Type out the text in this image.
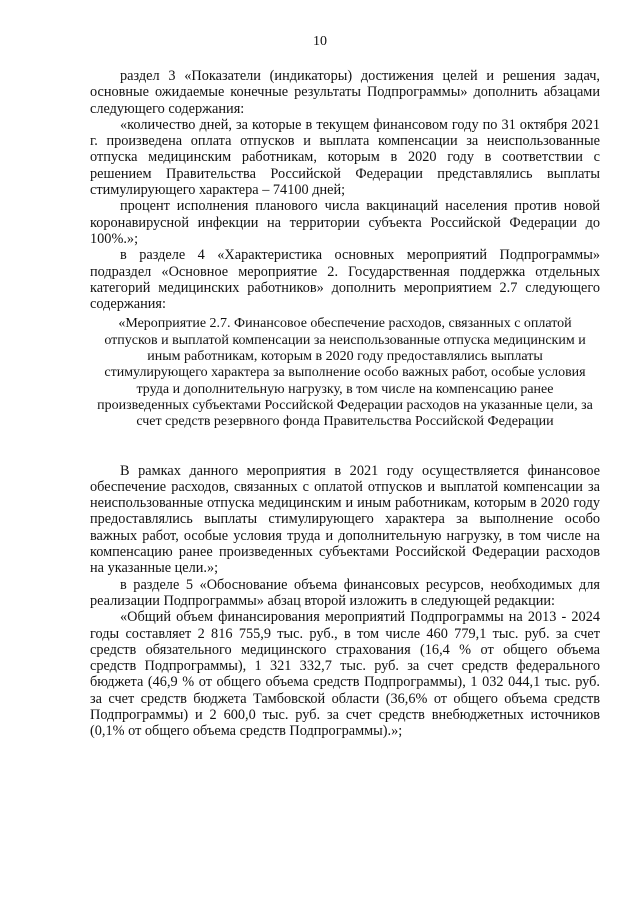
10

раздел 3 «Показатели (индикаторы) достижения целей и решения задач, основные ожидаемые конечные результаты Подпрограммы» дополнить абзацами следующего содержания:

«количество дней, за которые в текущем финансовом году по 31 октября 2021 г. произведена оплата отпусков и выплата компенсации за неиспользованные отпуска медицинским работникам, которым в 2020 году в соответствии с решением Правительства Российской Федерации представлялись выплаты стимулирующего характера – 74100 дней;

процент исполнения планового числа вакцинаций населения против новой коронавирусной инфекции на территории субъекта Российской Федерации до 100%.»;

в разделе 4 «Характеристика основных мероприятий Подпрограммы» подраздел «Основное мероприятие 2. Государственная поддержка отдельных категорий медицинских работников» дополнить мероприятием 2.7 следующего содержания:

«Мероприятие 2.7. Финансовое обеспечение расходов, связанных с оплатой отпусков и выплатой компенсации за неиспользованные отпуска медицинским и иным работникам, которым в 2020 году предоставлялись выплаты стимулирующего характера за выполнение особо важных работ, особые условия труда и дополнительную нагрузку, в том числе на компенсацию ранее произведенных субъектами Российской Федерации расходов на указанные цели, за счет средств резервного фонда Правительства Российской Федерации

В рамках данного мероприятия в 2021 году осуществляется финансовое обеспечение расходов, связанных с оплатой отпусков и выплатой компенсации за неиспользованные отпуска медицинским и иным работникам, которым в 2020 году предоставлялись выплаты стимулирующего характера за выполнение особо важных работ, особые условия труда и дополнительную нагрузку, в том числе на компенсацию ранее произведенных субъектами Российской Федерации расходов на указанные цели.»;

в разделе 5 «Обоснование объема финансовых ресурсов, необходимых для реализации Подпрограммы» абзац второй изложить в следующей редакции:

«Общий объем финансирования мероприятий Подпрограммы на 2013 - 2024 годы составляет 2 816 755,9 тыс. руб., в том числе 460 779,1 тыс. руб. за счет средств обязательного медицинского страхования (16,4 % от общего объема средств Подпрограммы), 1 321 332,7 тыс. руб. за счет средств федерального бюджета (46,9 % от общего объема средств Подпрограммы), 1 032 044,1 тыс. руб. за счет средств бюджета Тамбовской области (36,6% от общего объема средств Подпрограммы) и 2 600,0 тыс. руб. за счет средств внебюджетных источников (0,1% от общего объема средств Подпрограммы).»;
